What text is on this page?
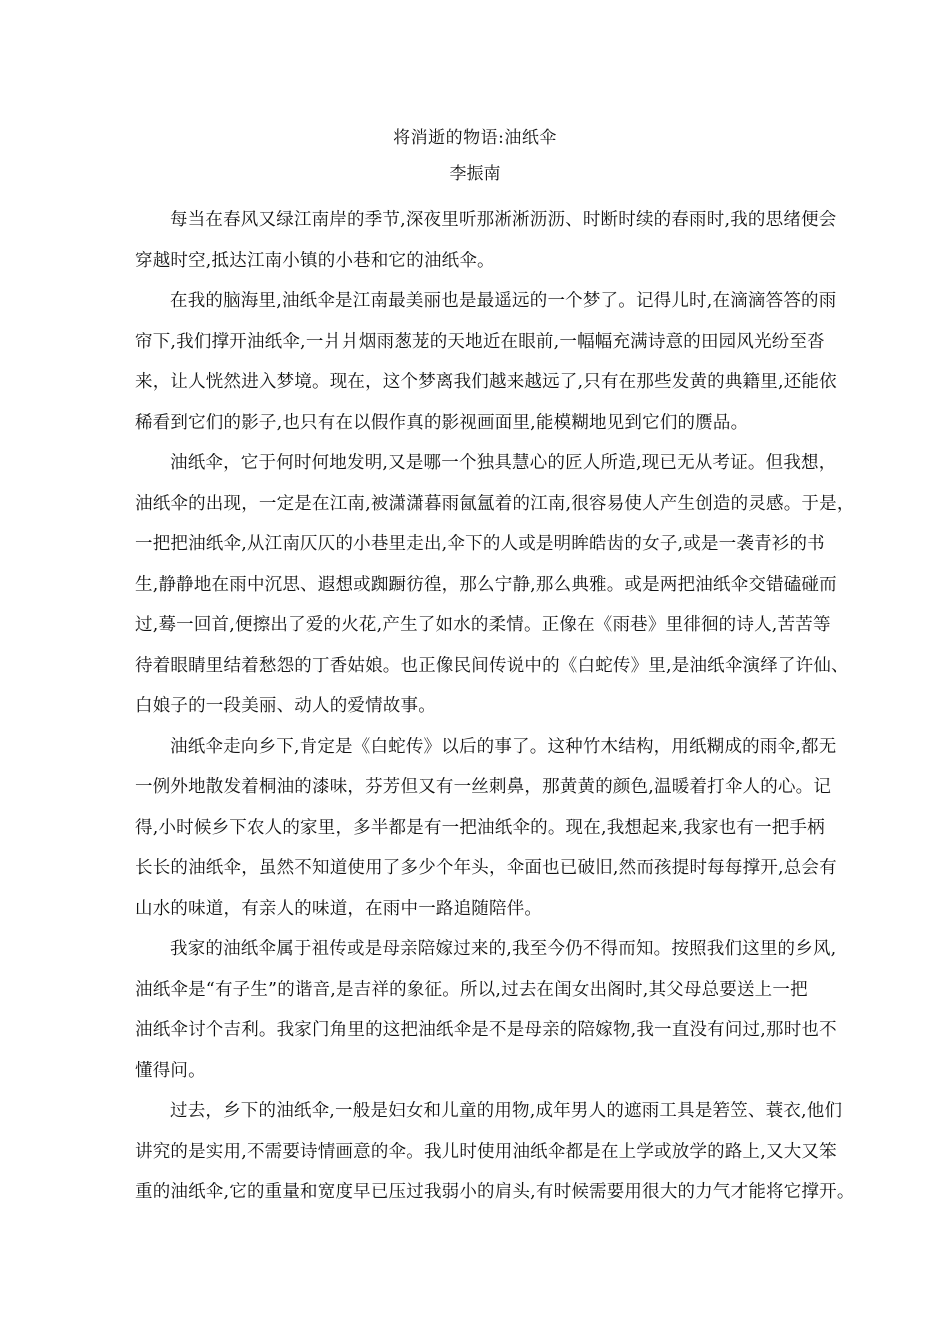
将消逝的物语:油纸伞
李振南
每当在春风又绿江南岸的季节,深夜里听那淅淅沥沥、时断时续的春雨时,我的思绪便会
穿越时空,抵达江南小镇的小巷和它的油纸伞。
在我的脑海里,油纸伞是江南最美丽也是最遥远的一个梦了。记得儿时,在滴滴答答的雨
帘下,我们撑开油纸伞,一爿爿烟雨葱茏的天地近在眼前,一幅幅充满诗意的田园风光纷至沓
来，让人恍然进入梦境。现在，这个梦离我们越来越远了,只有在那些发黄的典籍里,还能依
稀看到它们的影子,也只有在以假作真的影视画面里,能模糊地见到它们的赝品。
油纸伞，它于何时何地发明,又是哪一个独具慧心的匠人所造,现已无从考证。但我想，
油纸伞的出现，一定是在江南,被潇潇暮雨氤氲着的江南,很容易使人产生创造的灵感。于是，
一把把油纸伞,从江南仄仄的小巷里走出,伞下的人或是明眸皓齿的女子,或是一袭青衫的书
生,静静地在雨中沉思、遐想或踟蹰彷徨，那么宁静,那么典雅。或是两把油纸伞交错磕碰而
过,蓦一回首,便擦出了爱的火花,产生了如水的柔情。正像在《雨巷》里徘徊的诗人,苦苦等
待着眼睛里结着愁怨的丁香姑娘。也正像民间传说中的《白蛇传》里,是油纸伞演绎了许仙、
白娘子的一段美丽、动人的爱情故事。
油纸伞走向乡下,肯定是《白蛇传》以后的事了。这种竹木结构，用纸糊成的雨伞,都无
一例外地散发着桐油的漆味，芬芳但又有一丝刺鼻，那黄黄的颜色,温暖着打伞人的心。记
得,小时候乡下农人的家里，多半都是有一把油纸伞的。现在,我想起来,我家也有一把手柄
长长的油纸伞，虽然不知道使用了多少个年头，伞面也已破旧,然而孩提时每每撑开,总会有
山水的味道，有亲人的味道，在雨中一路追随陪伴。
我家的油纸伞属于祖传或是母亲陪嫁过来的,我至今仍不得而知。按照我们这里的乡风,
油纸伞是“有子生”的谐音,是吉祥的象征。所以,过去在闺女出阁时,其父母总要送上一把
油纸伞讨个吉利。我家门角里的这把油纸伞是不是母亲的陪嫁物,我一直没有问过,那时也不
懂得问。
过去，乡下的油纸伞,一般是妇女和儿童的用物,成年男人的遮雨工具是箬笠、蓑衣,他们
讲究的是实用,不需要诗情画意的伞。我儿时使用油纸伞都是在上学或放学的路上,又大又笨
重的油纸伞,它的重量和宽度早已压过我弱小的肩头,有时候需要用很大的力气才能将它撑开。
